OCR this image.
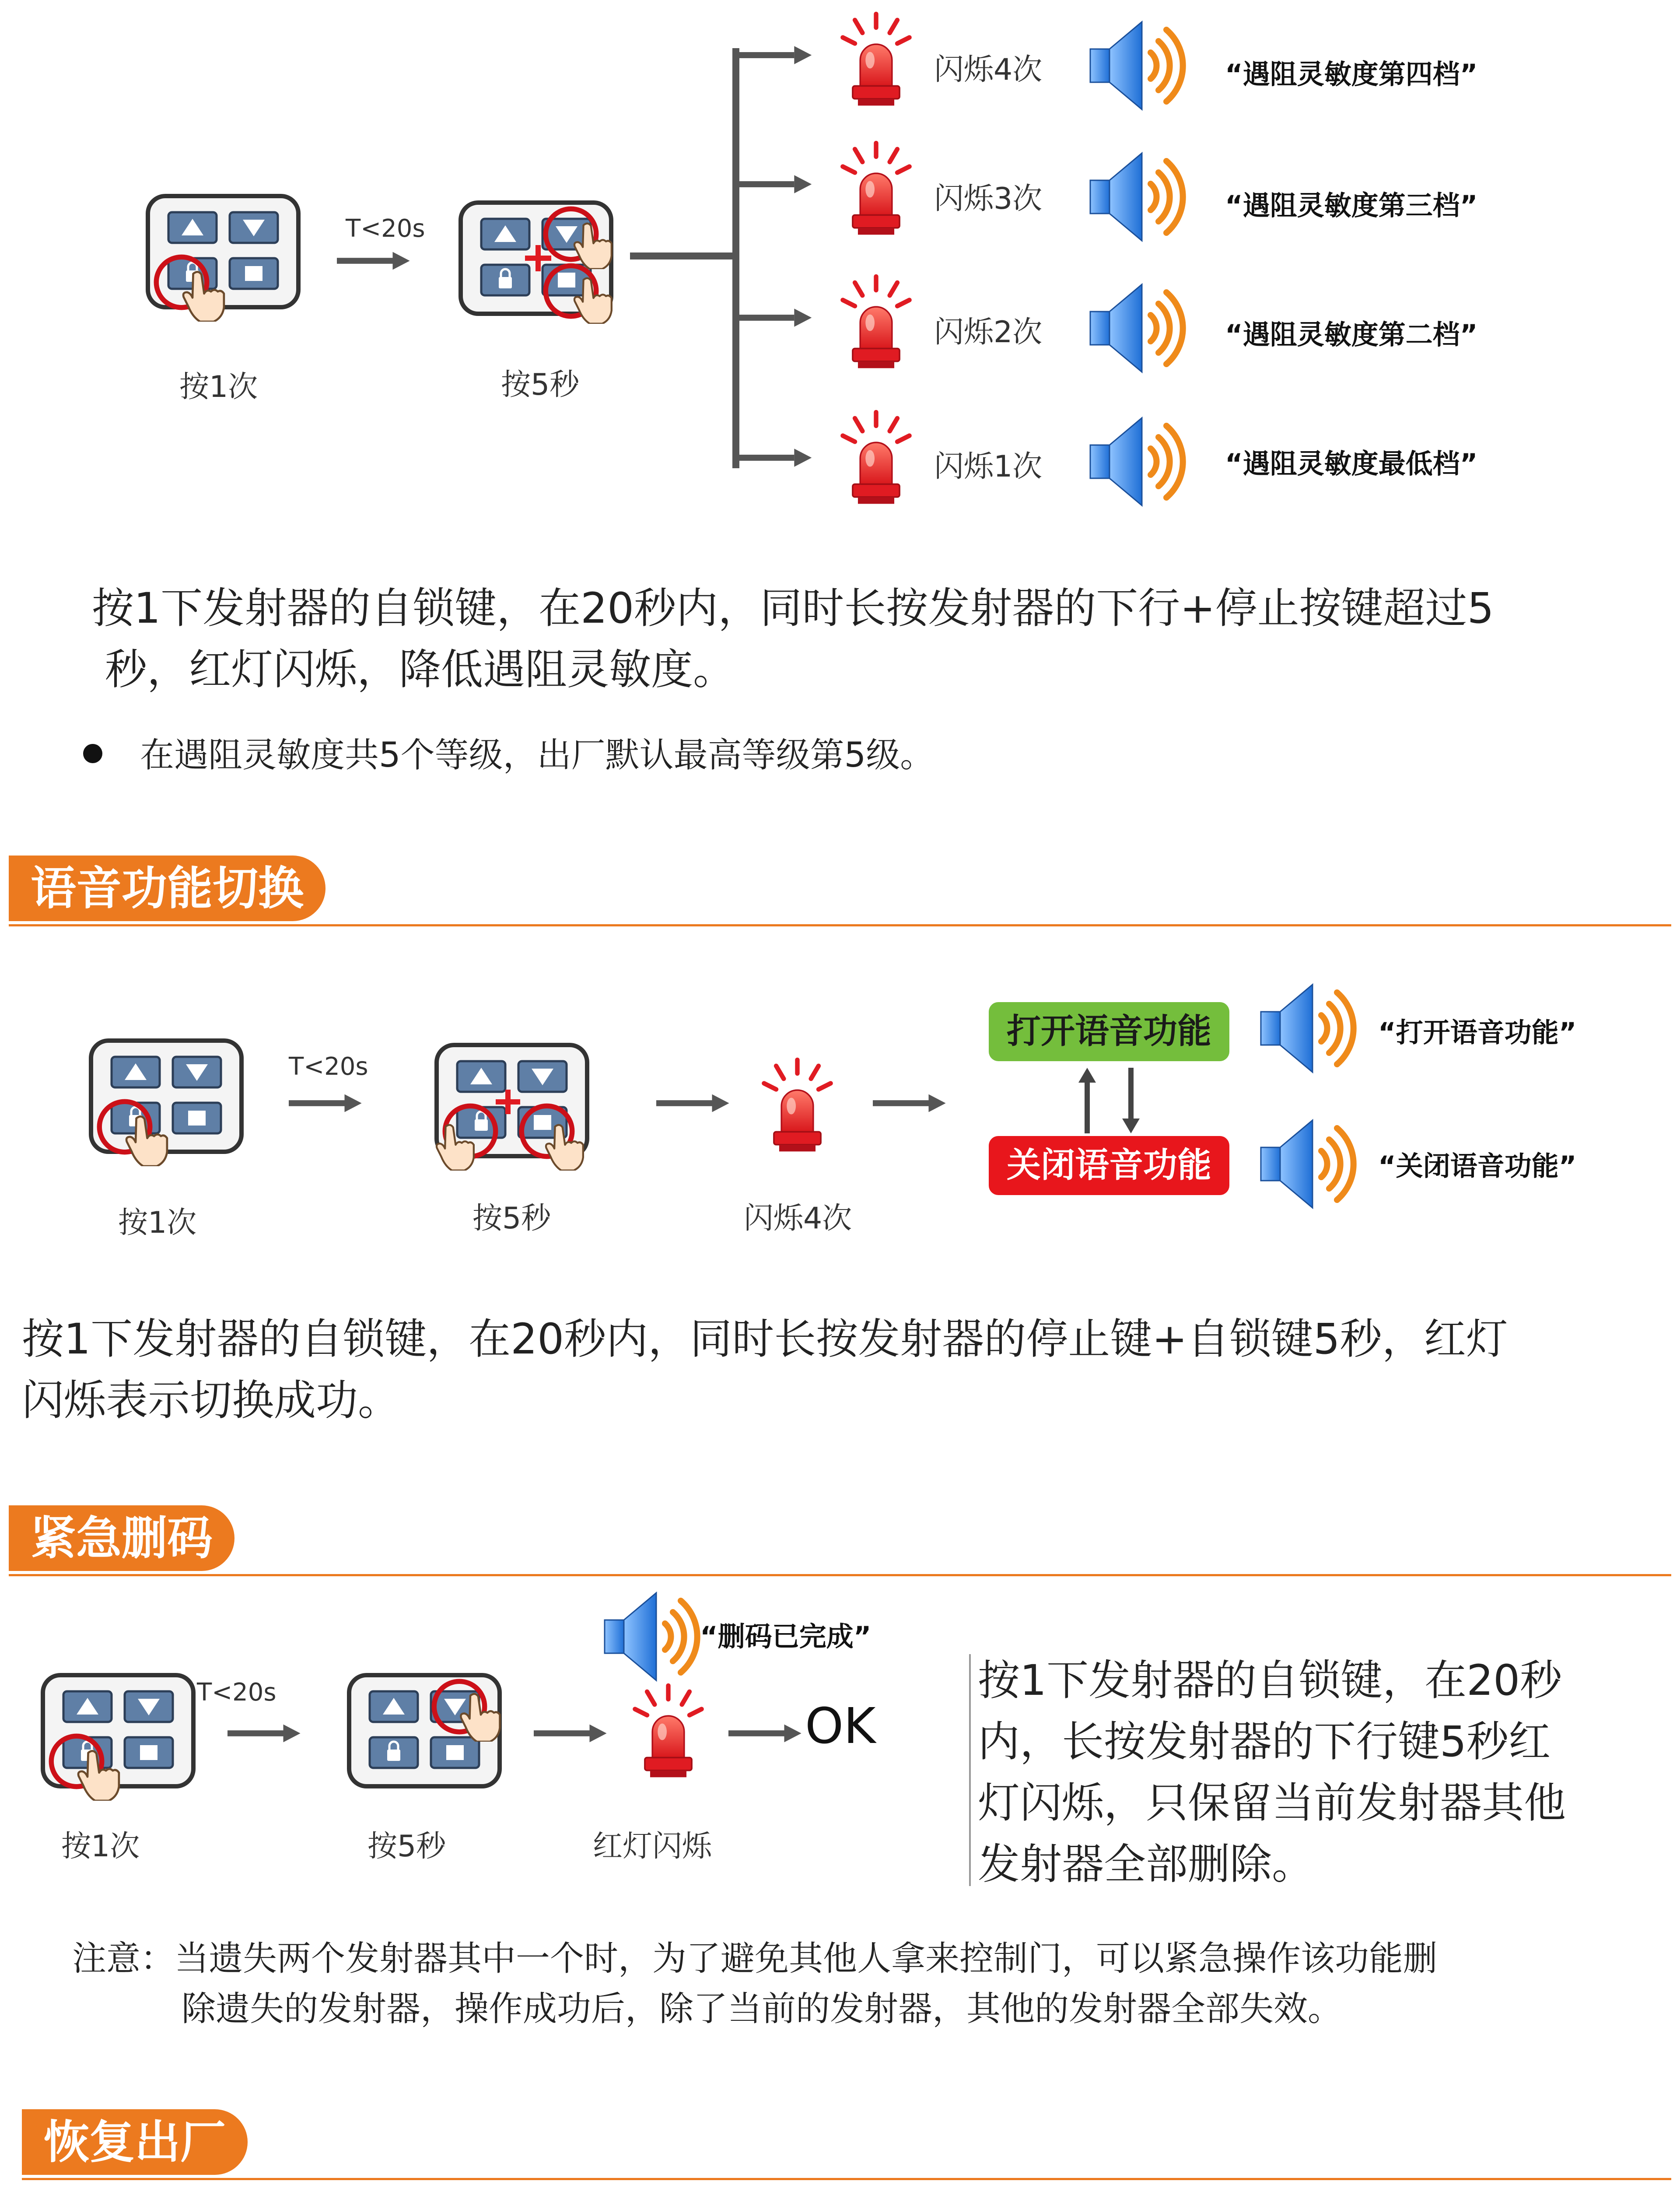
按1次
T<20s
按5秒
闪烁4次	“遇阻灵敏度第四档”
闪烁3次	“遇阻灵敏度第三档”
闪烁2次	“遇阻灵敏度第二档”
闪烁1次	“遇阻灵敏度最低档”
按1下发射器的自锁键，在20秒内，同时长按发射器的下行+停止按键超过5
秒，红灯闪烁，降低遇阻灵敏度。
在遇阻灵敏度共5个等级，出厂默认最高等级第5级。
语音功能切换
按1次
T<20s
按5秒	闪烁4次
打开语音功能
关闭语音功能
“打开语音功能”
“关闭语音功能”
按1下发射器的自锁键，在20秒内，同时长按发射器的停止键+自锁键5秒，红灯
闪烁表示切换成功。
紧急删码
按1次
T<20s
按5秒
“删码已完成”
红灯闪烁
OK
按1下发射器的自锁键，在20秒
内，长按发射器的下行键5秒红
灯闪烁，只保留当前发射器其他
发射器全部删除。
注意：当遗失两个发射器其中一个时，为了避免其他人拿来控制门，可以紧急操作该功能删
除遗失的发射器，操作成功后，除了当前的发射器，其他的发射器全部失效。
恢复出厂
